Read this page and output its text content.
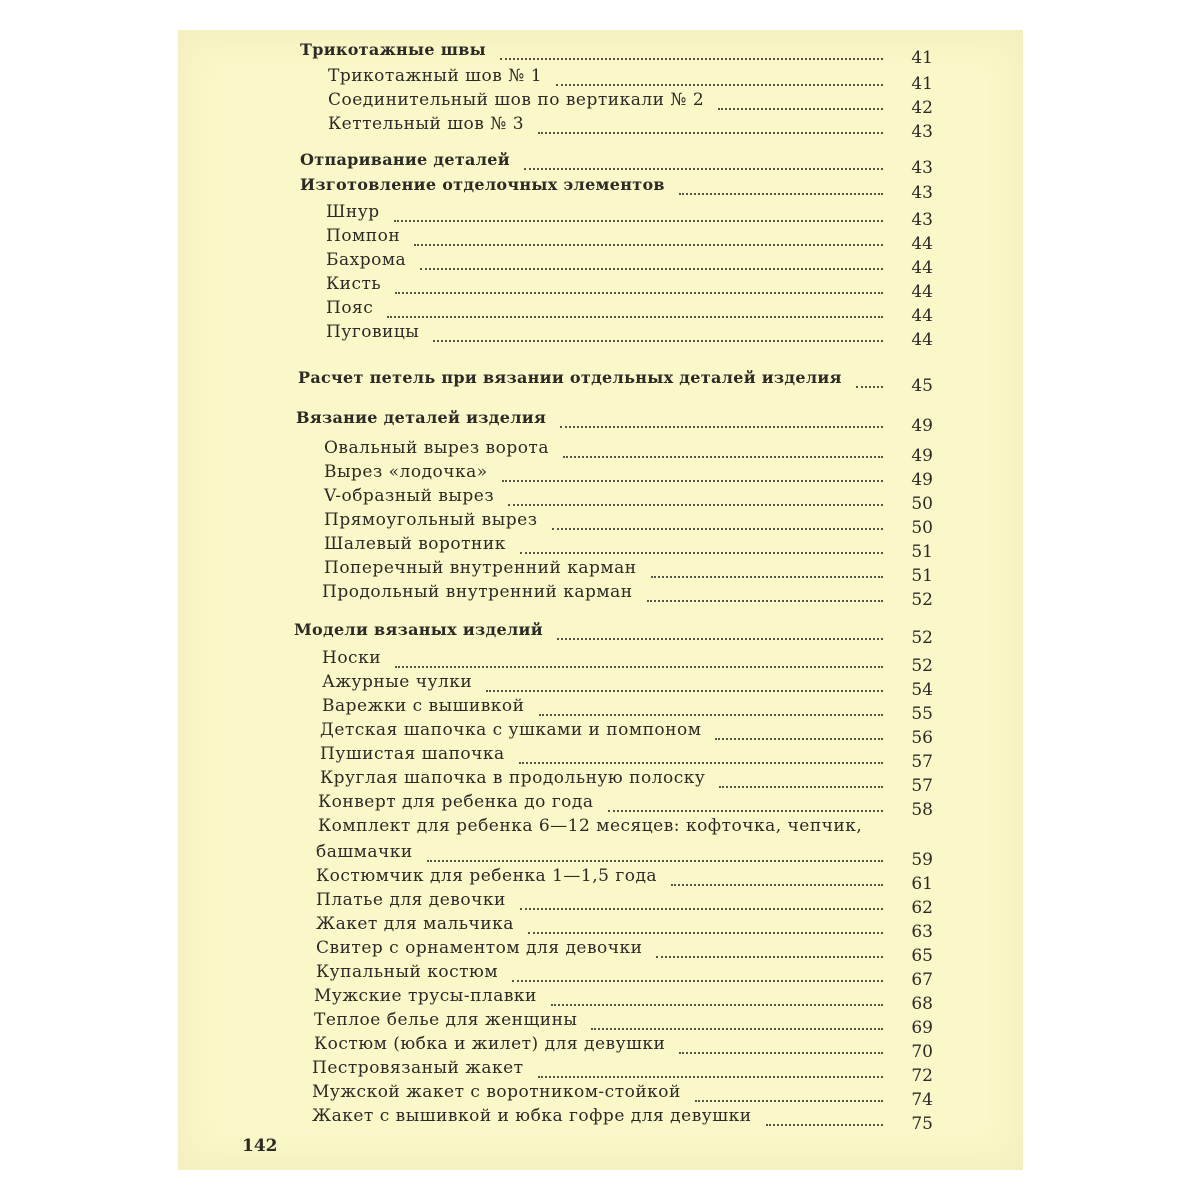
Трикотажные швы	41
Трикотажный шов № 1	41
Соединительный шов по вертикали № 2	42
Кеттельный шов № 3	43
Отпаривание деталей	43
Изготовление отделочных элементов	43
Шнур	43
Помпон	44
Бахрома	44
Кисть	44
Пояс	44
Пуговицы	44
Расчет петель при вязании отдельных деталей изделия	45
Вязание деталей изделия	49
Овальный вырез ворота	49
Вырез «лодочка»	49
V-образный вырез	50
Прямоугольный вырез	50
Шалевый воротник	51
Поперечный внутренний карман	51
Продольный внутренний карман	52
Модели вязаных изделий	52
Носки	52
Ажурные чулки	54
Варежки с вышивкой	55
Детская шапочка с ушками и помпоном	56
Пушистая шапочка	57
Круглая шапочка в продольную полоску	57
Конверт для ребенка до года	58
Комплект для ребенка 6—12 месяцев: кофточка, чепчик,
башмачки	59
Костюмчик для ребенка 1—1,5 года	61
Платье для девочки	62
Жакет для мальчика	63
Свитер с орнаментом для девочки	65
Купальный костюм	67
Мужские трусы-плавки	68
Теплое белье для женщины	69
Костюм (юбка и жилет) для девушки	70
Пестровязаный жакет	72
Мужской жакет с воротником-стойкой	74
Жакет с вышивкой и юбка гофре для девушки	75
142
